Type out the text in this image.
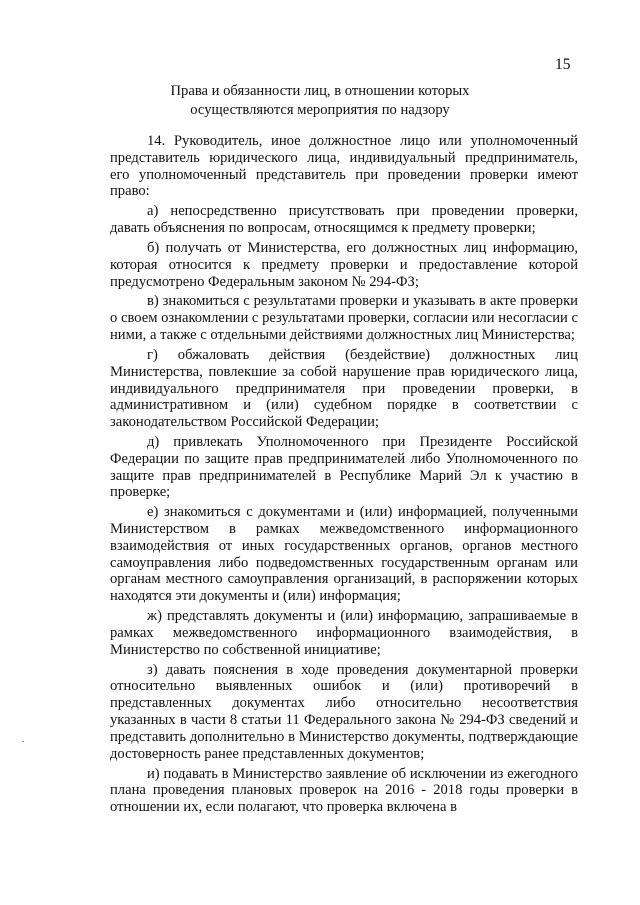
15
Права и обязанности лиц, в отношении которых
осуществляются мероприятия по надзору

14. Руководитель, иное должностное лицо или уполномоченный представитель юридического лица, индивидуальный предприниматель, его уполномоченный представитель при проведении проверки имеют право:

а) непосредственно присутствовать при проведении проверки, давать объяснения по вопросам, относящимся к предмету проверки;

б) получать от Министерства, его должностных лиц информацию, которая относится к предмету проверки и предоставление которой предусмотрено Федеральным законом № 294-ФЗ;

в) знакомиться с результатами проверки и указывать в акте проверки о своем ознакомлении с результатами проверки, согласии или несогласии с ними, а также с отдельными действиями должностных лиц Министерства;

г) обжаловать действия (бездействие) должностных лиц Министерства, повлекшие за собой нарушение прав юридического лица, индивидуального предпринимателя при проведении проверки, в административном и (или) судебном порядке в соответствии с законодательством Российской Федерации;

д) привлекать Уполномоченного при Президенте Российской Федерации по защите прав предпринимателей либо Уполномоченного по защите прав предпринимателей в Республике Марий Эл к участию в проверке;

е) знакомиться с документами и (или) информацией, полученными Министерством в рамках межведомственного информационного взаимодействия от иных государственных органов, органов местного самоуправления либо подведомственных государственным органам или органам местного самоуправления организаций, в распоряжении которых находятся эти документы и (или) информация;

ж) представлять документы и (или) информацию, запрашиваемые в рамках межведомственного информационного взаимодействия, в Министерство по собственной инициативе;

з) давать пояснения в ходе проведения документарной проверки относительно выявленных ошибок и (или) противоречий в представленных документах либо относительно несоответствия указанных в части 8 статьи 11 Федерального закона № 294-ФЗ сведений и представить дополнительно в Министерство документы, подтверждающие достоверность ранее представленных документов;

и) подавать в Министерство заявление об исключении из ежегодного плана проведения плановых проверок на 2016 - 2018 годы проверки в отношении их, если полагают, что проверка включена в
